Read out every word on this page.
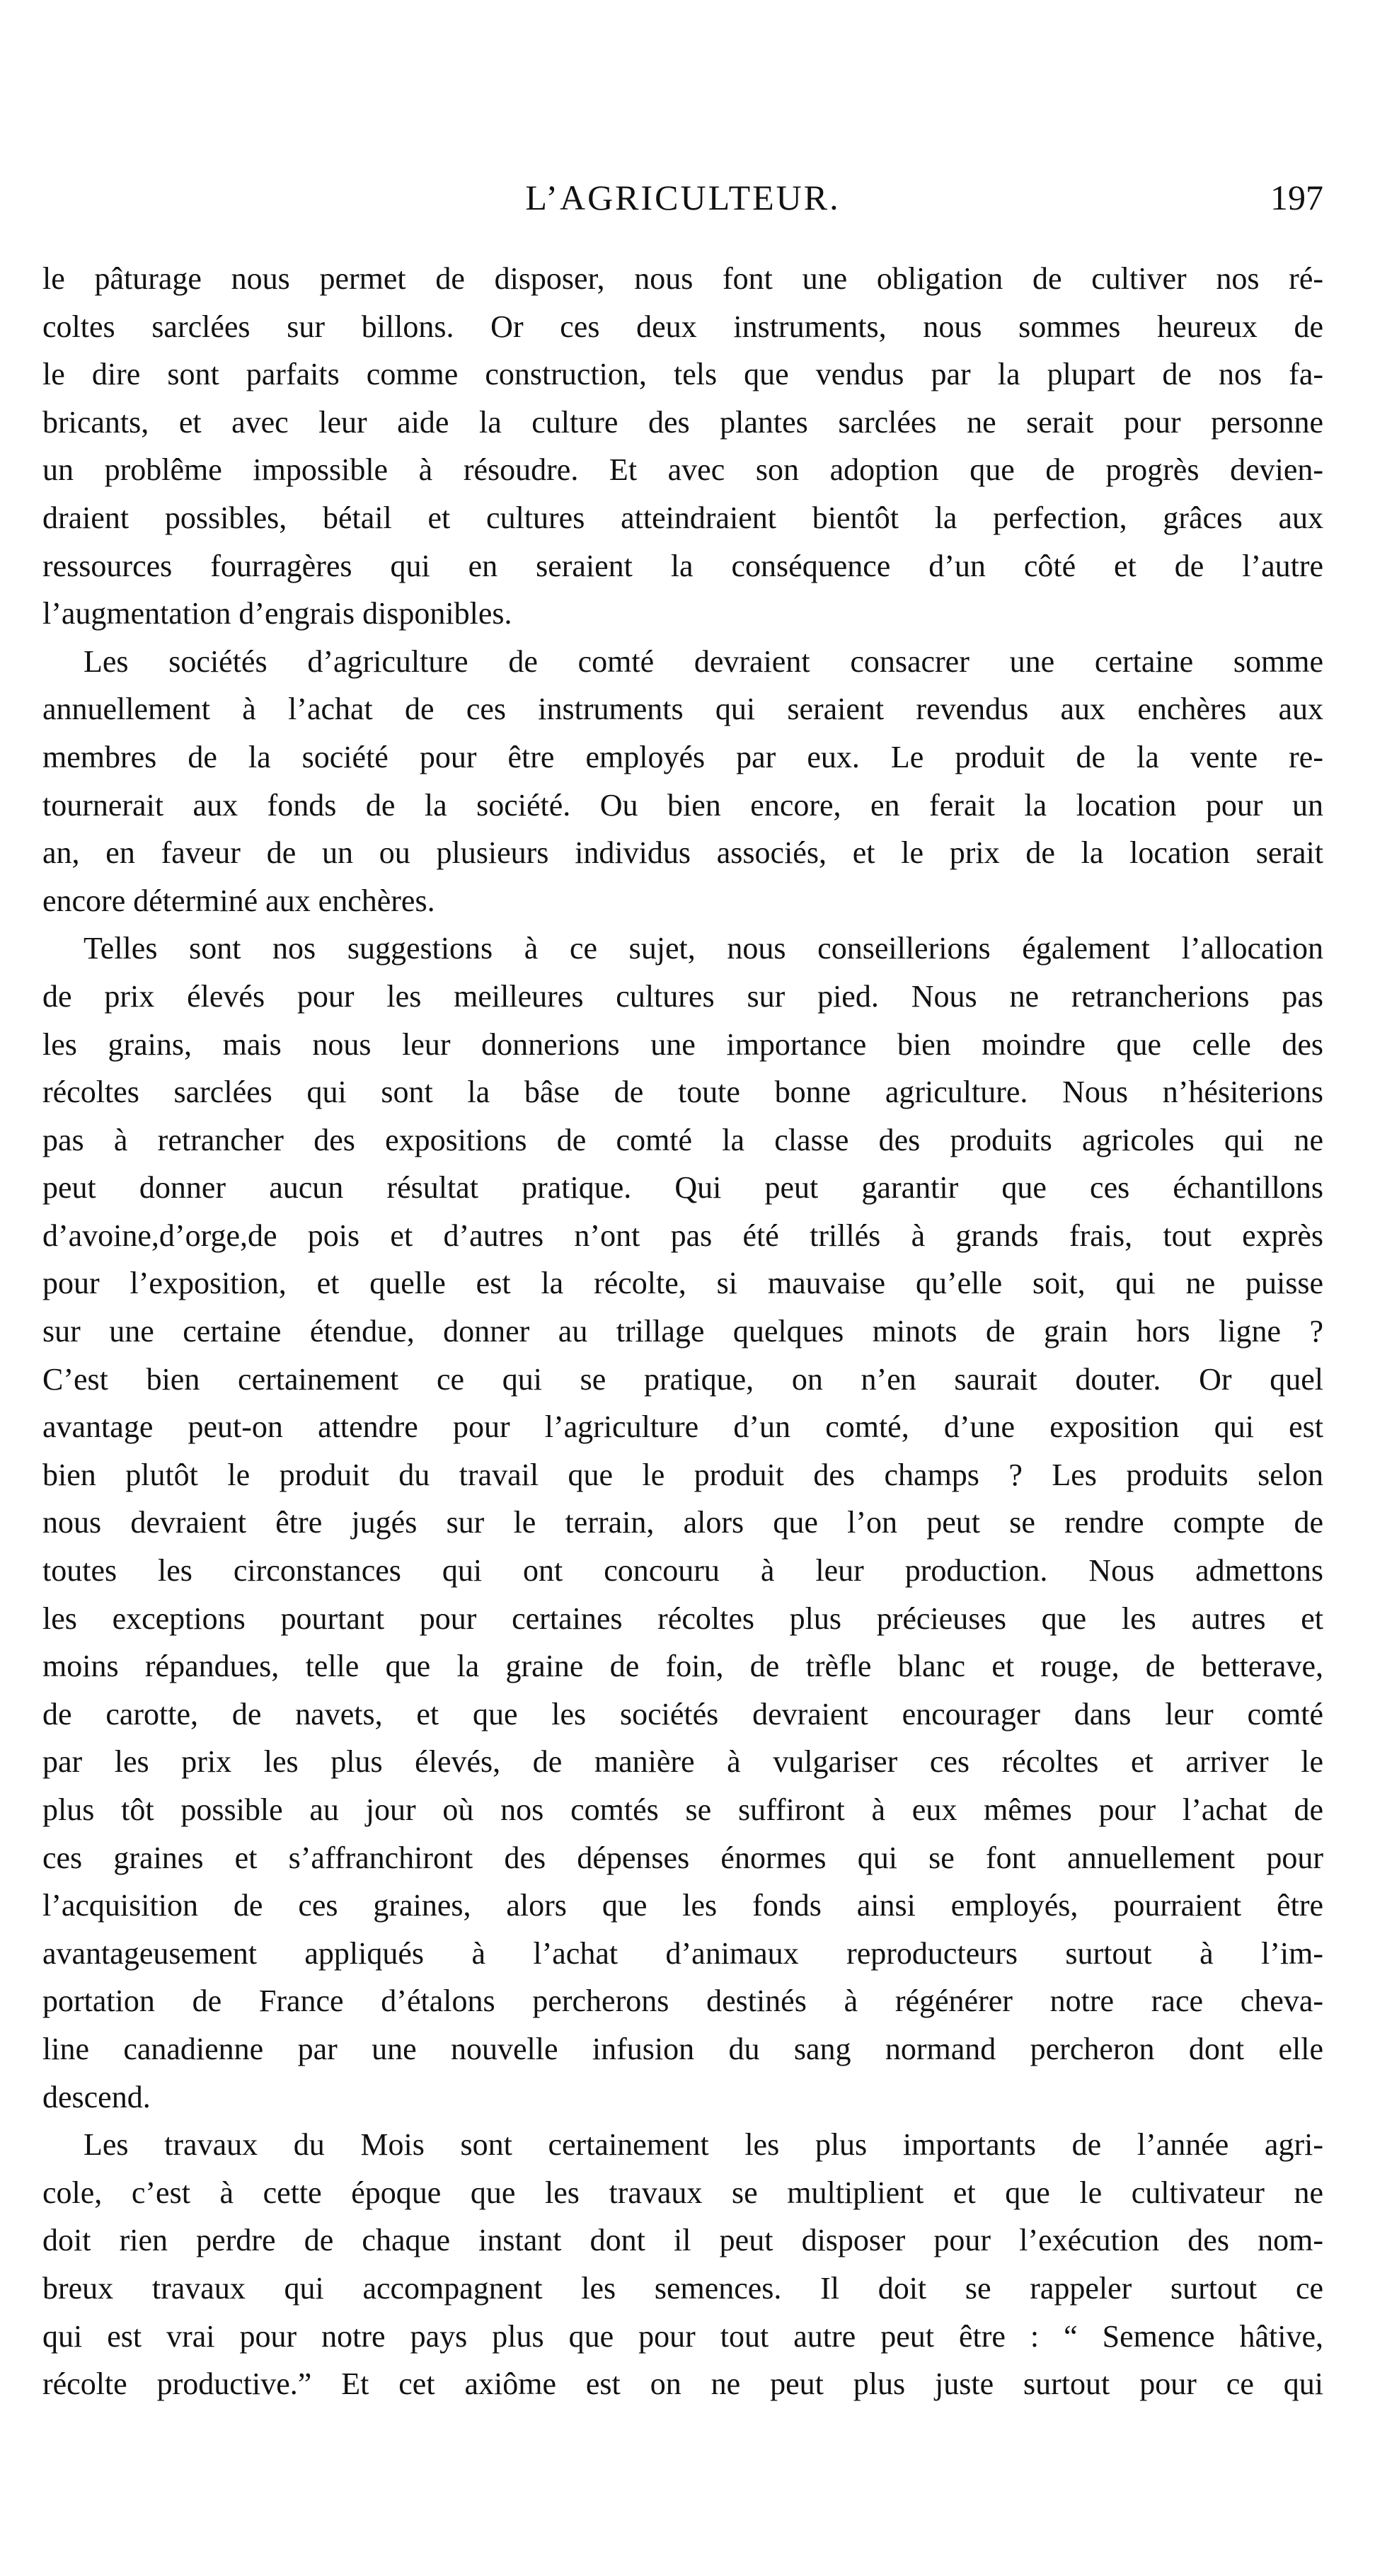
L’AGRICULTEUR.	197
le pâturage nous permet de disposer, nous font une obligation de cultiver nos ré-
coltes sarclées sur billons. Or ces deux instruments, nous sommes heureux de
le dire sont parfaits comme construction, tels que vendus par la plupart de nos fa-
bricants, et avec leur aide la culture des plantes sarclées ne serait pour personne
un problême impossible à résoudre. Et avec son adoption que de progrès devien-
draient possibles, bétail et cultures atteindraient bientôt la perfection, grâces aux
ressources fourragères qui en seraient la conséquence d’un côté et de l’autre
l’augmentation d’engrais disponibles.
Les sociétés d’agriculture de comté devraient consacrer une certaine somme
annuellement à l’achat de ces instruments qui seraient revendus aux enchères aux
membres de la société pour être employés par eux. Le produit de la vente re-
tournerait aux fonds de la société. Ou bien encore, en ferait la location pour un
an, en faveur de un ou plusieurs individus associés, et le prix de la location serait
encore déterminé aux enchères.
Telles sont nos suggestions à ce sujet, nous conseillerions également l’allocation
de prix élevés pour les meilleures cultures sur pied. Nous ne retrancherions pas
les grains, mais nous leur donnerions une importance bien moindre que celle des
récoltes sarclées qui sont la bâse de toute bonne agriculture. Nous n’hésiterions
pas à retrancher des expositions de comté la classe des produits agricoles qui ne
peut donner aucun résultat pratique. Qui peut garantir que ces échantillons
d’avoine,d’orge,de pois et d’autres n’ont pas été trillés à grands frais, tout exprès
pour l’exposition, et quelle est la récolte, si mauvaise qu’elle soit, qui ne puisse
sur une certaine étendue, donner au trillage quelques minots de grain hors ligne ?
C’est bien certainement ce qui se pratique, on n’en saurait douter. Or quel
avantage peut-on attendre pour l’agriculture d’un comté, d’une exposition qui est
bien plutôt le produit du travail que le produit des champs ? Les produits selon
nous devraient être jugés sur le terrain, alors que l’on peut se rendre compte de
toutes les circonstances qui ont concouru à leur production. Nous admettons
les exceptions pourtant pour certaines récoltes plus précieuses que les autres et
moins répandues, telle que la graine de foin, de trèfle blanc et rouge, de betterave,
de carotte, de navets, et que les sociétés devraient encourager dans leur comté
par les prix les plus élevés, de manière à vulgariser ces récoltes et arriver le
plus tôt possible au jour où nos comtés se suffiront à eux mêmes pour l’achat de
ces graines et s’affranchiront des dépenses énormes qui se font annuellement pour
l’acquisition de ces graines, alors que les fonds ainsi employés, pourraient être
avantageusement appliqués à l’achat d’animaux reproducteurs surtout à l’im-
portation de France d’étalons percherons destinés à régénérer notre race cheva-
line canadienne par une nouvelle infusion du sang normand percheron dont elle
descend.
Les travaux du Mois sont certainement les plus importants de l’année agri-
cole, c’est à cette époque que les travaux se multiplient et que le cultivateur ne
doit rien perdre de chaque instant dont il peut disposer pour l’exécution des nom-
breux travaux qui accompagnent les semences. Il doit se rappeler surtout ce
qui est vrai pour notre pays plus que pour tout autre peut être : “ Semence hâtive,
récolte productive.” Et cet axiôme est on ne peut plus juste surtout pour ce qui
